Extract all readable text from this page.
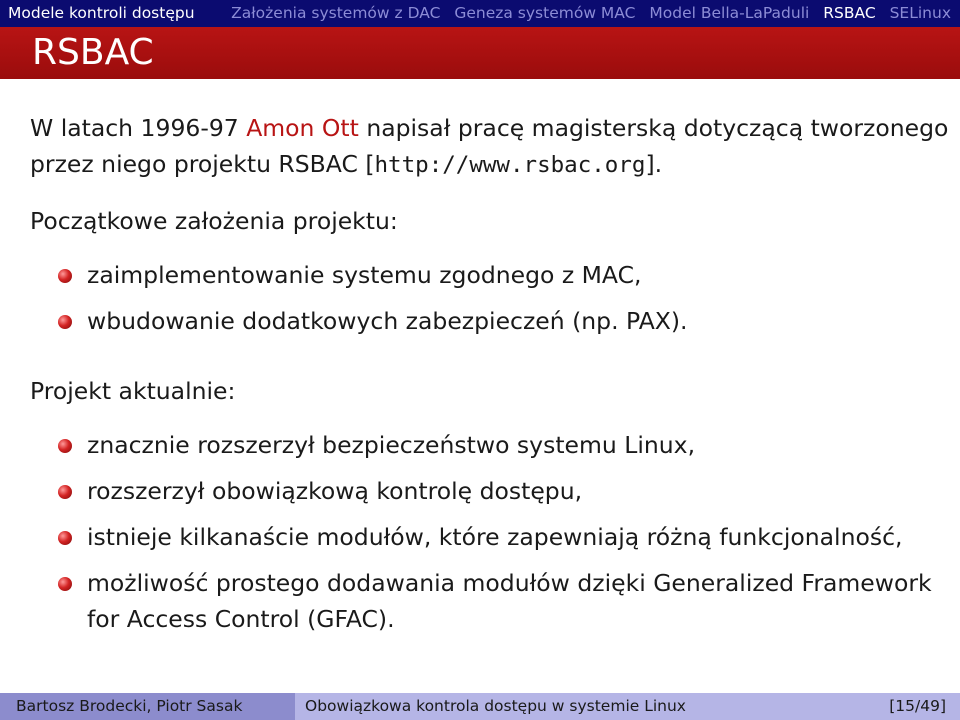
Modele kontroli dostępu	Założenia systemów z DAC Geneza systemów MAC Model Bella-LaPaduli RSBAC SELinux
RSBAC

W latach 1996-97 Amon Ott napisał pracę magisterską dotyczącą tworzonego przez niego projektu RSBAC [http://www.rsbac.org].

Początkowe założenia projektu:

zaimplementowanie systemu zgodnego z MAC,
wbudowanie dodatkowych zabezpieczeń (np. PAX).

Projekt aktualnie:

znacznie rozszerzył bezpieczeństwo systemu Linux,
rozszerzył obowiązkową kontrolę dostępu,
istnieje kilkanaście modułów, które zapewniają różną funkcjonalność,
możliwość prostego dodawania modułów dzięki Generalized Framework for Access Control (GFAC).
Bartosz Brodecki, Piotr Sasak	Obowiązkowa kontrola dostępu w systemie Linux	[15/49]
